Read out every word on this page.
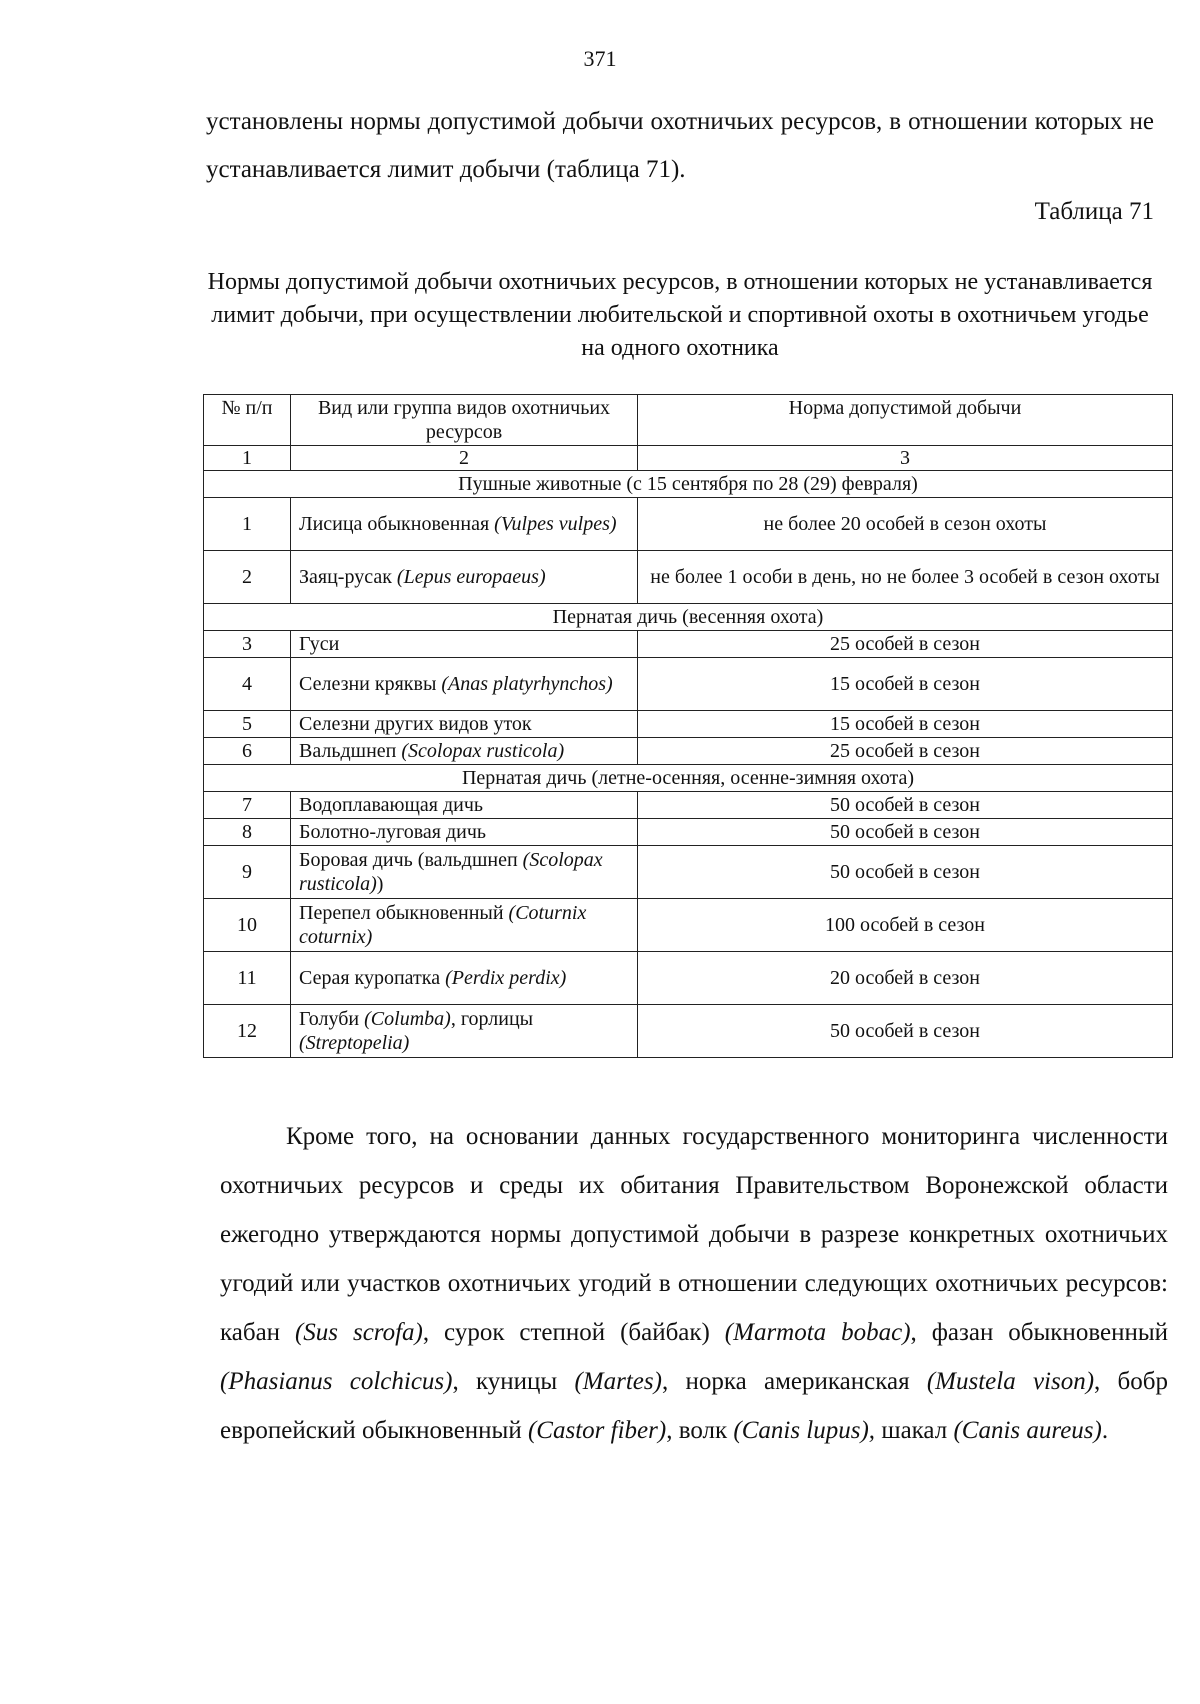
371
установлены нормы допустимой добычи охотничьих ресурсов, в отношении которых не устанавливается лимит добычи (таблица 71).
Таблица 71
Нормы допустимой добычи охотничьих ресурсов, в отношении которых не устанавливается лимит добычи, при осуществлении любительской и спортивной охоты в охотничьем угодье на одного охотника
№ п/п	Вид или группа видов охотничьих ресурсов	Норма допустимой добычи
1	2	3
Пушные животные (с 15 сентября по 28 (29) февраля)		
1	Лисица обыкновенная (Vulpes vulpes)	не более 20 особей в сезон охоты
2	Заяц-русак (Lepus europaeus)	не более 1 особи в день, но не более 3 особей в сезон охоты
Пернатая дичь (весенняя охота)		
3	Гуси	25 особей в сезон
4	Селезни кряквы (Anas platyrhynchos)	15 особей в сезон
5	Селезни других видов уток	15 особей в сезон
6	Вальдшнеп (Scolopax rusticola)	25 особей в сезон
Пернатая дичь (летне-осенняя, осенне-зимняя охота)		
7	Водоплавающая дичь	50 особей в сезон
8	Болотно-луговая дичь	50 особей в сезон
9	Боровая дичь (вальдшнеп (Scolopax rusticola))	50 особей в сезон
10	Перепел обыкновенный (Coturnix coturnix)	100 особей в сезон
11	Серая куропатка (Perdix perdix)	20 особей в сезон
12	Голуби (Columba), горлицы (Streptopelia)	50 особей в сезон
Кроме того, на основании данных государственного мониторинга численности охотничьих ресурсов и среды их обитания Правительством Воронежской области ежегодно утверждаются нормы допустимой добычи в разрезе конкретных охотничьих угодий или участков охотничьих угодий в отношении следующих охотничьих ресурсов: кабан (Sus scrofa), сурок степной (байбак) (Marmota bobac), фазан обыкновенный (Phasianus colchicus), куницы (Martes), норка американская (Mustela vison), бобр европейский обыкновенный (Castor fiber), волк (Canis lupus), шакал (Canis aureus).
